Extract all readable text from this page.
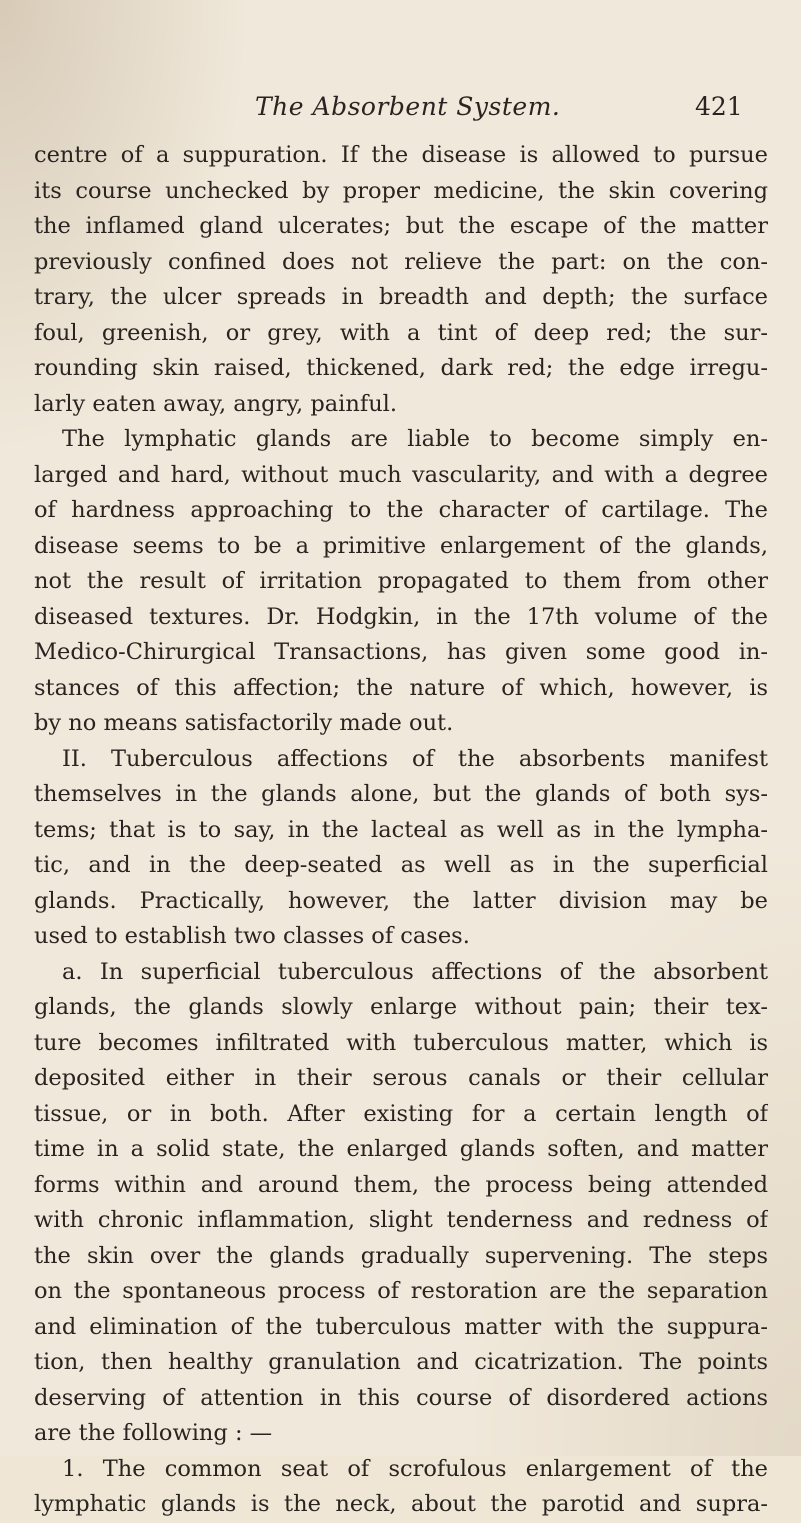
The Absorbent System.	421
centre of a suppuration. If the disease is allowed to pursue
its course unchecked by proper medicine, the skin covering
the inflamed gland ulcerates; but the escape of the matter
previously confined does not relieve the part: on the con-
trary, the ulcer spreads in breadth and depth; the surface
foul, greenish, or grey, with a tint of deep red; the sur-
rounding skin raised, thickened, dark red; the edge irregu-
larly eaten away, angry, painful.
The lymphatic glands are liable to become simply en-
larged and hard, without much vascularity, and with a degree
of hardness approaching to the character of cartilage. The
disease seems to be a primitive enlargement of the glands,
not the result of irritation propagated to them from other
diseased textures. Dr. Hodgkin, in the 17th volume of the
Medico-Chirurgical Transactions, has given some good in-
stances of this affection; the nature of which, however, is
by no means satisfactorily made out.
II. Tuberculous affections of the absorbents manifest
themselves in the glands alone, but the glands of both sys-
tems; that is to say, in the lacteal as well as in the lympha-
tic, and in the deep-seated as well as in the superficial
glands. Practically, however, the latter division may be
used to establish two classes of cases.
a. In superficial tuberculous affections of the absorbent
glands, the glands slowly enlarge without pain; their tex-
ture becomes infiltrated with tuberculous matter, which is
deposited either in their serous canals or their cellular
tissue, or in both. After existing for a certain length of
time in a solid state, the enlarged glands soften, and matter
forms within and around them, the process being attended
with chronic inflammation, slight tenderness and redness of
the skin over the glands gradually supervening. The steps
on the spontaneous process of restoration are the separation
and elimination of the tuberculous matter with the suppura-
tion, then healthy granulation and cicatrization. The points
deserving of attention in this course of disordered actions
are the following : —
1. The common seat of scrofulous enlargement of the
lymphatic glands is the neck, about the parotid and supra-
